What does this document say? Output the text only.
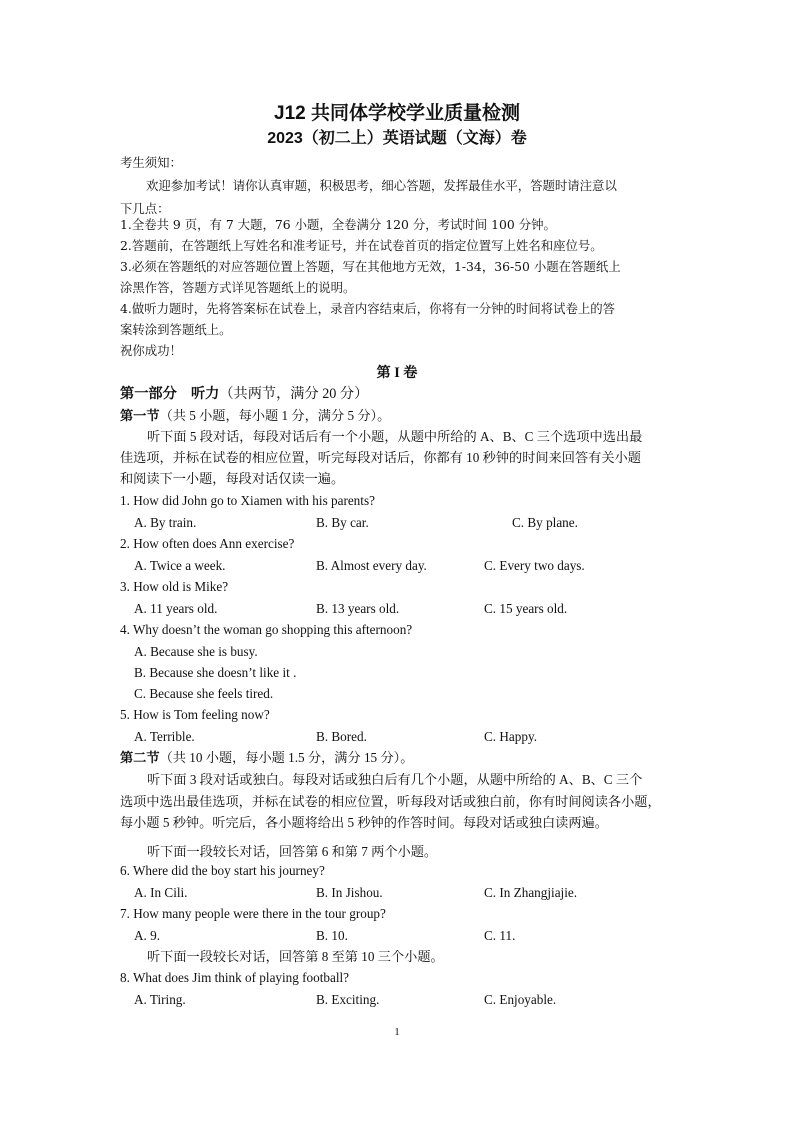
J12 共同体学校学业质量检测
2023（初二上）英语试题（文海）卷
考生须知：
欢迎参加考试！请你认真审题，积极思考，细心答题，发挥最佳水平，答题时请注意以
下几点：
1.全卷共 9 页，有 7 大题，76 小题，全卷满分 120 分，考试时间 100 分钟。
2.答题前，在答题纸上写姓名和准考证号，并在试卷首页的指定位置写上姓名和座位号。
3.必须在答题纸的对应答题位置上答题，写在其他地方无效，1-34，36-50 小题在答题纸上
涂黑作答，答题方式详见答题纸上的说明。
4.做听力题时，先将答案标在试卷上，录音内容结束后，你将有一分钟的时间将试卷上的答
案转涂到答题纸上。
祝你成功！
第 I 卷
第一部分　听力（共两节，满分 20 分）
第一节（共 5 小题，每小题 1 分，满分 5 分）。
听下面 5 段对话，每段对话后有一个小题，从题中所给的 A、B、C 三个选项中选出最
佳选项，并标在试卷的相应位置，听完每段对话后，你都有 10 秒钟的时间来回答有关小题
和阅读下一小题，每段对话仅读一遍。
1. How did John go to Xiamen with his parents?
A. By train.	B. By car.	C. By plane.
2. How often does Ann exercise?
A. Twice a week.	B. Almost every day.	C. Every two days.
3. How old is Mike?
A. 11 years old.	B. 13 years old.	C. 15 years old.
4. Why doesn’t the woman go shopping this afternoon?
A. Because she is busy.
B. Because she doesn’t like it .
C. Because she feels tired.
5. How is Tom feeling now?
A. Terrible.	B. Bored.	C. Happy.
第二节（共 10 小题，每小题 1.5 分，满分 15 分）。
听下面 3 段对话或独白。每段对话或独白后有几个小题，从题中所给的 A、B、C 三个
选项中选出最佳选项，并标在试卷的相应位置，听每段对话或独白前，你有时间阅读各小题，
每小题 5 秒钟。听完后，各小题将给出 5 秒钟的作答时间。每段对话或独白读两遍。
听下面一段较长对话，回答第 6 和第 7 两个小题。
6. Where did the boy start his journey?
A. In Cili.	B. In Jishou.	C. In Zhangjiajie.
7. How many people were there in the tour group?
A. 9.	B. 10.	C. 11.
听下面一段较长对话，回答第 8 至第 10 三个小题。
8. What does Jim think of playing football?
A. Tiring.	B. Exciting.	C. Enjoyable.
1
